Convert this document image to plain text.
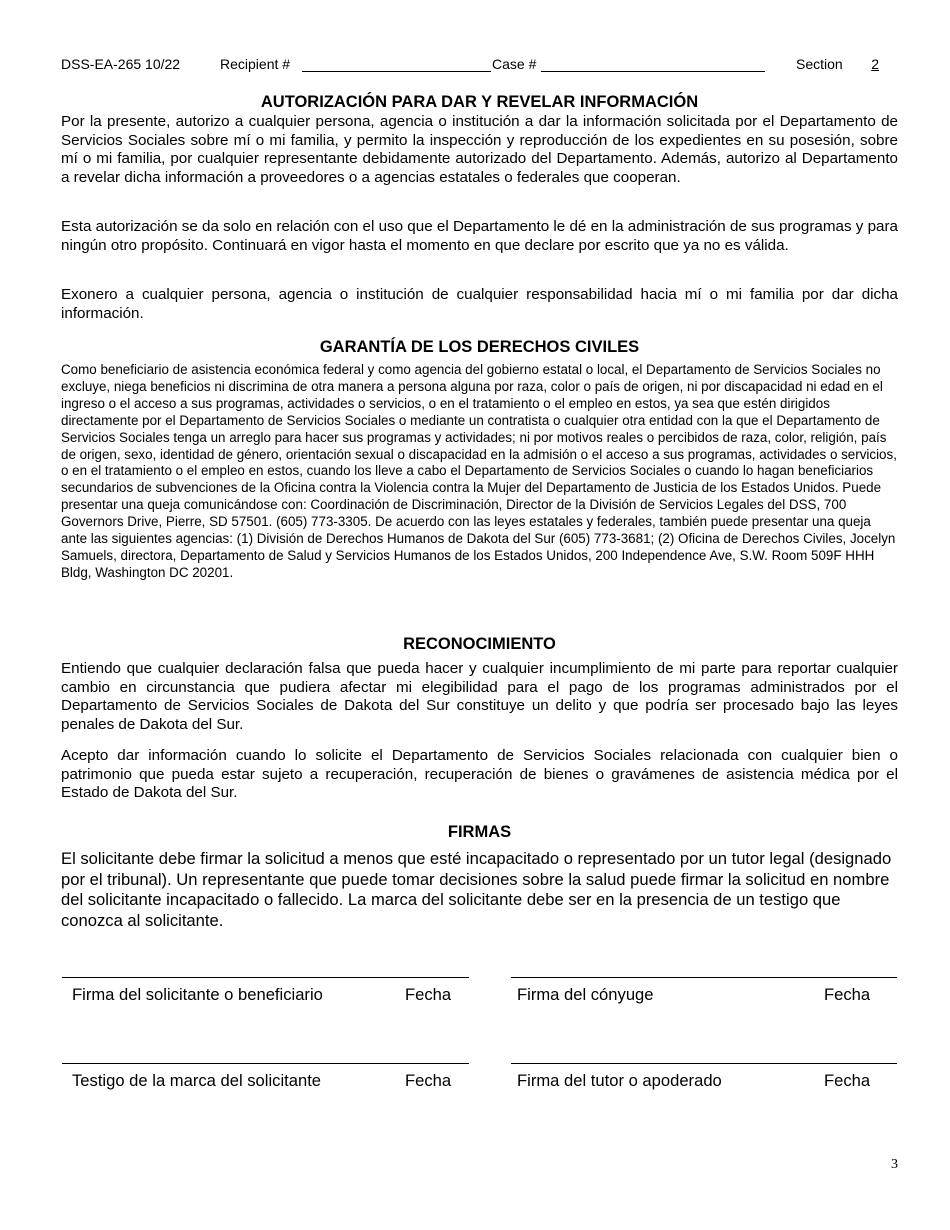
DSS-EA-265 10/22	Recipient #	Case #	Section	2
AUTORIZACIÓN PARA DAR Y REVELAR INFORMACIÓN

Por la presente, autorizo a cualquier persona, agencia o institución a dar la información solicitada por el Departamento de Servicios Sociales sobre mí o mi familia, y permito la inspección y reproducción de los expedientes en su posesión, sobre mí o mi familia, por cualquier representante debidamente autorizado del Departamento. Además, autorizo al Departamento a revelar dicha información a proveedores o a agencias estatales o federales que cooperan.

Esta autorización se da solo en relación con el uso que el Departamento le dé en la administración de sus programas y para ningún otro propósito. Continuará en vigor hasta el momento en que declare por escrito que ya no es válida.

Exonero a cualquier persona, agencia o institución de cualquier responsabilidad hacia mí o mi familia por dar dicha información.

GARANTÍA DE LOS DERECHOS CIVILES

Como beneficiario de asistencia económica federal y como agencia del gobierno estatal o local, el Departamento de Servicios Sociales no excluye, niega beneficios ni discrimina de otra manera a persona alguna por raza, color o país de origen, ni por discapacidad ni edad en el ingreso o el acceso a sus programas, actividades o servicios, o en el tratamiento o el empleo en estos, ya sea que estén dirigidos directamente por el Departamento de Servicios Sociales o mediante un contratista o cualquier otra entidad con la que el Departamento de Servicios Sociales tenga un arreglo para hacer sus programas y actividades; ni por motivos reales o percibidos de raza, color, religión, país de origen, sexo, identidad de género, orientación sexual o discapacidad en la admisión o el acceso a sus programas, actividades o servicios, o en el tratamiento o el empleo en estos, cuando los lleve a cabo el Departamento de Servicios Sociales o cuando lo hagan beneficiarios secundarios de subvenciones de la Oficina contra la Violencia contra la Mujer del Departamento de Justicia de los Estados Unidos. Puede presentar una queja comunicándose con: Coordinación de Discriminación, Director de la División de Servicios Legales del DSS, 700 Governors Drive, Pierre, SD 57501. (605) 773-3305. De acuerdo con las leyes estatales y federales, también puede presentar una queja ante las siguientes agencias: (1) División de Derechos Humanos de Dakota del Sur (605) 773-3681; (2) Oficina de Derechos Civiles, Jocelyn Samuels, directora, Departamento de Salud y Servicios Humanos de los Estados Unidos, 200 Independence Ave, S.W. Room 509F HHH Bldg, Washington DC 20201.

RECONOCIMIENTO

Entiendo que cualquier declaración falsa que pueda hacer y cualquier incumplimiento de mi parte para reportar cualquier cambio en circunstancia que pudiera afectar mi elegibilidad para el pago de los programas administrados por el Departamento de Servicios Sociales de Dakota del Sur constituye un delito y que podría ser procesado bajo las leyes penales de Dakota del Sur.

Acepto dar información cuando lo solicite el Departamento de Servicios Sociales relacionada con cualquier bien o patrimonio que pueda estar sujeto a recuperación, recuperación de bienes o gravámenes de asistencia médica por el Estado de Dakota del Sur.

FIRMAS

El solicitante debe firmar la solicitud a menos que esté incapacitado o representado por un tutor legal (designado por el tribunal). Un representante que puede tomar decisiones sobre la salud puede firmar la solicitud en nombre del solicitante incapacitado o fallecido. La marca del solicitante debe ser en la presencia de un testigo que conozca al solicitante.

Firma del solicitante o beneficiario	Fecha	Firma del cónyuge	Fecha
Testigo de la marca del solicitante	Fecha	Firma del tutor o apoderado	Fecha
3
